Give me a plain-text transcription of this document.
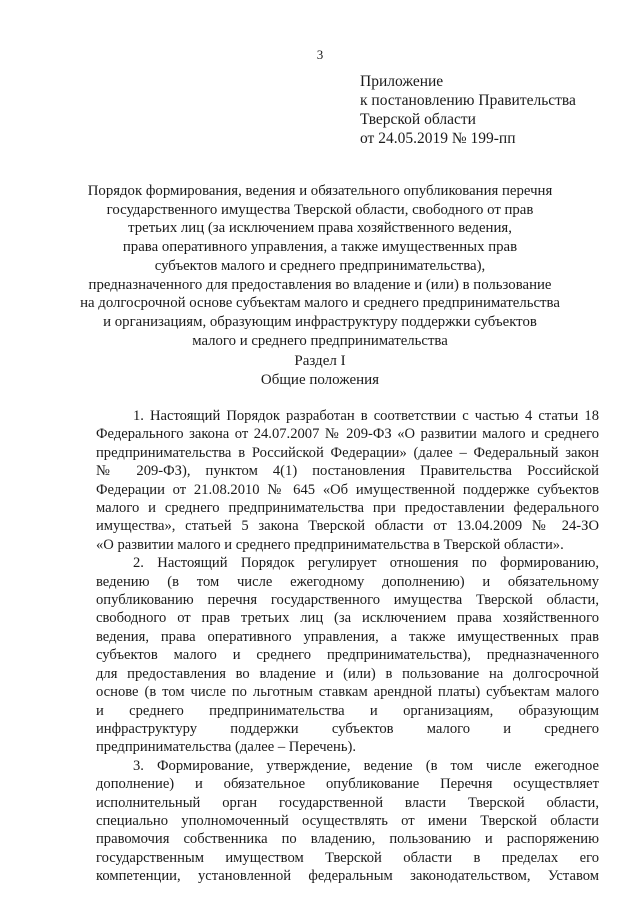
3
Приложение
к постановлению Правительства
Тверской области
от 24.05.2019 № 199-пп
Порядок формирования, ведения и обязательного опубликования перечня
государственного имущества Тверской области, свободного от прав
третьих лиц (за исключением права хозяйственного ведения,
права оперативного управления, а также имущественных прав
субъектов малого и среднего предпринимательства),
предназначенного для предоставления во владение и (или) в пользование
на долгосрочной основе субъектам малого и среднего предпринимательства
и организациям, образующим инфраструктуру поддержки субъектов
малого и среднего предпринимательства
Раздел I
Общие положения
1. Настоящий Порядок разработан в соответствии с частью 4 статьи 18
Федерального закона от 24.07.2007 № 209-ФЗ «О развитии малого и среднего
предпринимательства в Российской Федерации» (далее – Федеральный закон
№ 209-ФЗ), пунктом 4(1) постановления Правительства Российской
Федерации от 21.08.2010 № 645 «Об имущественной поддержке субъектов
малого и среднего предпринимательства при предоставлении федерального
имущества», статьей 5 закона Тверской области от 13.04.2009 № 24-ЗО
«О развитии малого и среднего предпринимательства в Тверской области».
2. Настоящий Порядок регулирует отношения по формированию,
ведению (в том числе ежегодному дополнению) и обязательному
опубликованию перечня государственного имущества Тверской области,
свободного от прав третьих лиц (за исключением права хозяйственного
ведения, права оперативного управления, а также имущественных прав
субъектов малого и среднего предпринимательства), предназначенного
для предоставления во владение и (или) в пользование на долгосрочной
основе (в том числе по льготным ставкам арендной платы) субъектам малого
и среднего предпринимательства и организациям, образующим
инфраструктуру поддержки субъектов малого и среднего
предпринимательства (далее – Перечень).
3. Формирование, утверждение, ведение (в том числе ежегодное
дополнение) и обязательное опубликование Перечня осуществляет
исполнительный орган государственной власти Тверской области,
специально уполномоченный осуществлять от имени Тверской области
правомочия собственника по владению, пользованию и распоряжению
государственным имуществом Тверской области в пределах его
компетенции, установленной федеральным законодательством, Уставом
